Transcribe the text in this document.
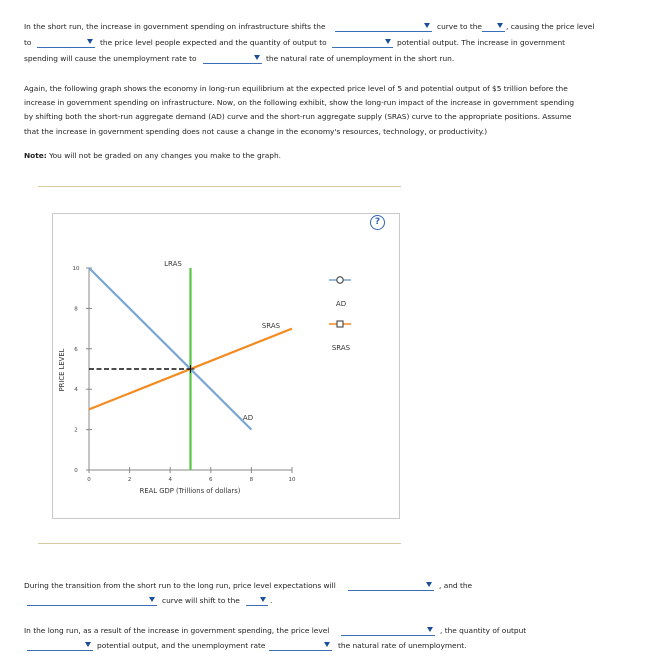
In the short run, the increase in government spending on infrastructure shifts the	curve to the	, causing the price level
to	the price level people expected and the quantity of output to	potential output. The increase in government
spending will cause the unemployment rate to	the natural rate of unemployment in the short run.
Again, the following graph shows the economy in long-run equilibrium at the expected price level of 5 and potential output of $5 trillion before the
increase in government spending on infrastructure. Now, on the following exhibit, show the long-run impact of the increase in government spending
by shifting both the short-run aggregate demand (AD) curve and the short-run aggregate supply (SRAS) curve to the appropriate positions. Assume
that the increase in government spending does not cause a change in the economy's resources, technology, or productivity.)
Note: You will not be graded on any changes you make to the graph.
?
0
2
4
6
8
10
0	2	4	6	8	10
PRICE LEVEL
REAL GDP (Trillions of dollars)
LRAS
SRAS
AD
AD
SRAS
During the transition from the short run to the long run, price level expectations will	, and the
curve will shift to the	.
In the long run, as a result of the increase in government spending, the price level	, the quantity of output
potential output, and the unemployment rate	the natural rate of unemployment.
